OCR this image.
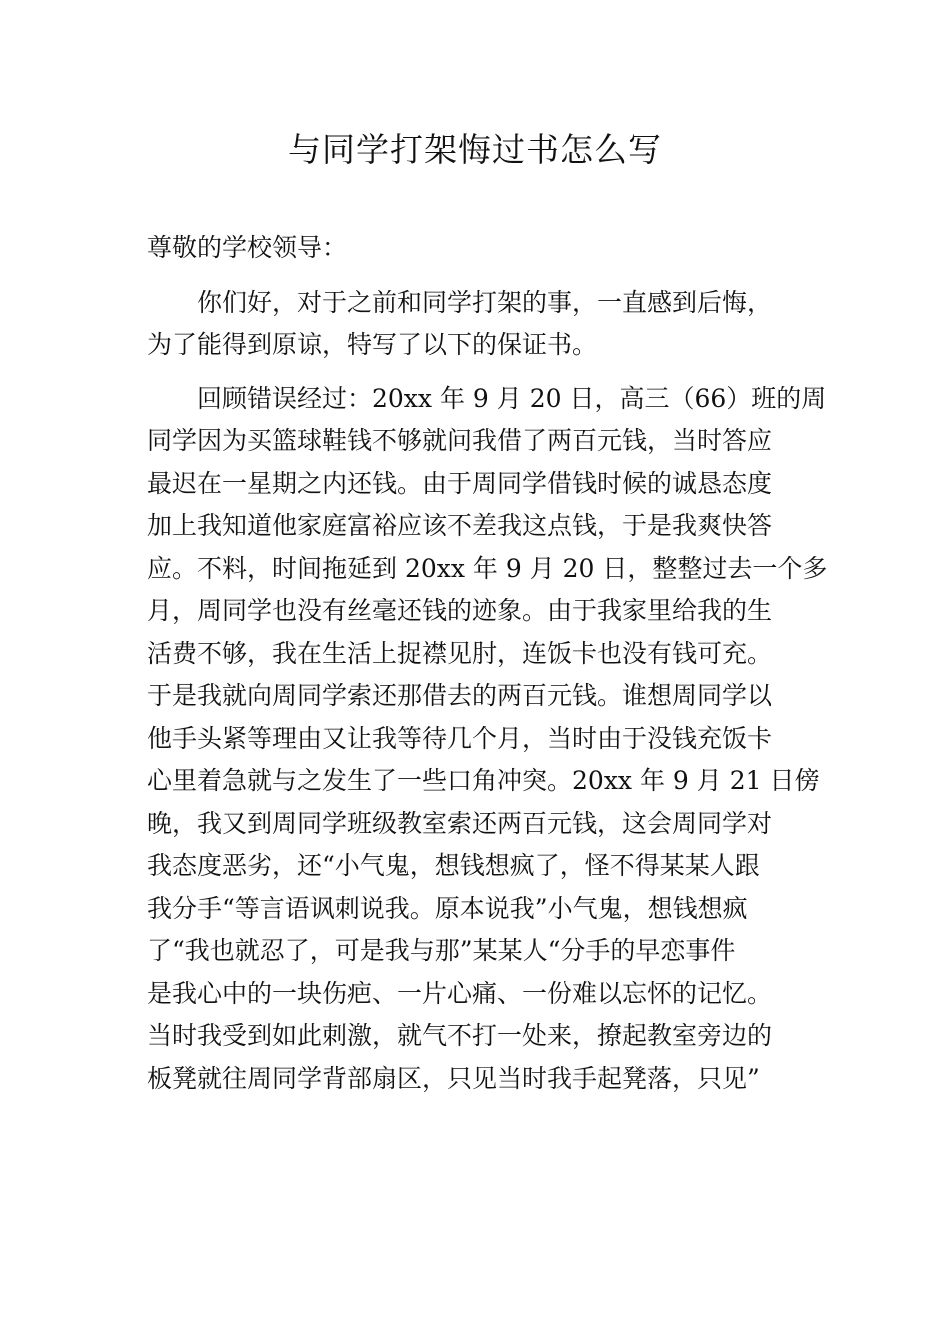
与同学打架悔过书怎么写
尊敬的学校领导：
你们好，对于之前和同学打架的事，一直感到后悔，
为了能得到原谅，特写了以下的保证书。
回顾错误经过：20xx 年 9 月 20 日，高三（66）班的周
同学因为买篮球鞋钱不够就问我借了两百元钱，当时答应
最迟在一星期之内还钱。由于周同学借钱时候的诚恳态度
加上我知道他家庭富裕应该不差我这点钱，于是我爽快答
应。不料，时间拖延到 20xx 年 9 月 20 日，整整过去一个多
月，周同学也没有丝毫还钱的迹象。由于我家里给我的生
活费不够，我在生活上捉襟见肘，连饭卡也没有钱可充。
于是我就向周同学索还那借去的两百元钱。谁想周同学以
他手头紧等理由又让我等待几个月，当时由于没钱充饭卡
心里着急就与之发生了一些口角冲突。20xx 年 9 月 21 日傍
晚，我又到周同学班级教室索还两百元钱，这会周同学对
我态度恶劣，还“小气鬼，想钱想疯了，怪不得某某人跟
我分手“等言语讽刺说我。原本说我”小气鬼，想钱想疯
了“我也就忍了，可是我与那”某某人“分手的早恋事件
是我心中的一块伤疤、一片心痛、一份难以忘怀的记忆。
当时我受到如此刺激，就气不打一处来，撩起教室旁边的
板凳就往周同学背部扇区，只见当时我手起凳落，只见”
